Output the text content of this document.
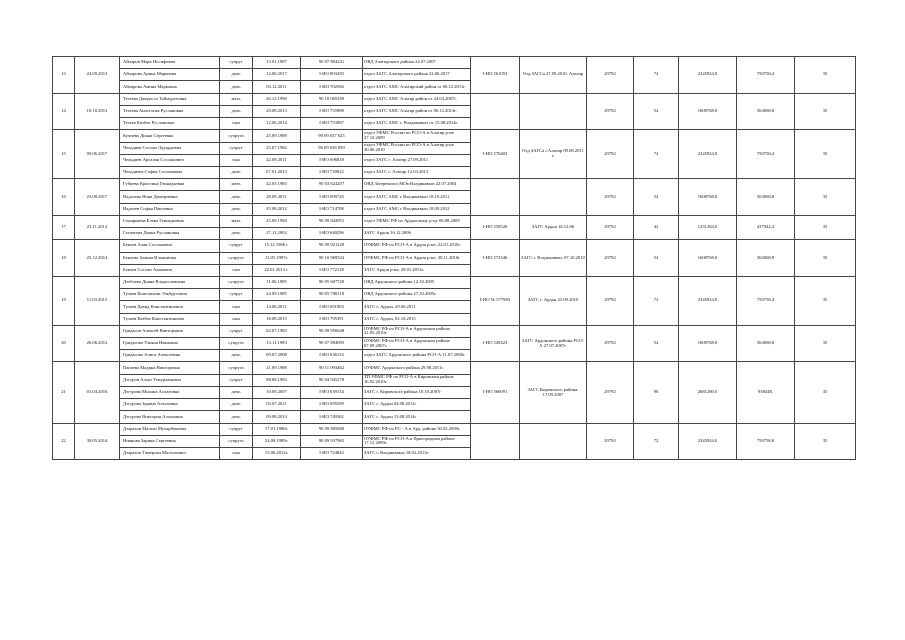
13	24.09.2013	Айларов Марк Иосифович	супруг	13.01.1987	90 07 804241	ОВД Алагирского района 24.07.2007	I-ИО 561053	Отд.ЗАГСа 27.09.2010. Алагир	29792	72	2345924,0	750758,4	35
		Айларова Арина Марковна	дочь	12.06.2017	I-ИО 803450	отдел ЗАГС Алагирского района 22.06.2017							
		Айларова Амина Марковна	дочь	03.12.2011	I-ИО 702566	отдел ЗАГС АМС Алагирский район от 06.12.2011г.							
14	10.10.2013	Тегаева Джерасса Таймуразовна	мать	26.12.1990	90 10 069169	отдел ЗАГС АМС Алагир район от 24.04.2007г.			29792	54	1608768,0	563068,8	35
		Тегаева Анастасия Руслановна	дочь	20.08.2013	I-ИО 755988	отдел ЗАГС АМС Алагир район от 06.12.2013г.							
		Тегаев Казбек Русланович	сын	12.06.2014	I-ИО 753967	отдел ЗАГС АМС г. Владикавказ от 15.08.2014г.							
15	09.06.2017	Кучиева Диана Сергеевна	супруга	25.09.1989	90 09 037 625	отдел УФМС России по РСО-А в Алагир р-не 27.10.2009	I-ИО 576402	Отд.ЗАГСа г.Алагир 09.08.2011 г.	29792	72	2345924,0	750758,4	35
		Чельдиев Сослан Эдуардович	супруг	25.07.1982	90 09 038 859	отдел УФМС России по РСО-А в Алагир р-не 30.06.2010							
		Чельдиев Арсалан Сосланович	сын	22.09.2011	I-ИО 696818	отдел ЗАГС г. Алагир 27.09.2011							
		Чельдиева София Сослановна	дочь	07.01.2013	I-ИО 720822	отдел ЗАГС г. Алагир 12.03.2013							
16	23.08.2017	Губиева Кристина Геннадьевна	мать	22.05.1983	90 03 624207	ОВД Затеречного МОв Владикавказ 22.07.2004			29792	54	1608768,0	563068,8	35
		Иадзоева Нона Дмитриевна	дочь	28.09.2011	I-ИО 699720	отдел ЗАГС АМС г Владикавказ 18.10.2011							
		Иадзоев Софья Павловна	дочь	25.08.2012	I-ИО 714708	отдел ЗАГС АМС г Владикавказ 18.09.2012							
17	23.11.2012	Сихаркаева Елена Геннадьевна	мать	25.09.1984	90 09 842851	отдел УФМС РФ по Ардонскому р-ну 06.08.2009	I-ИО 558526	ЗАГС Ардон 16.12.06	29792	42	1251264,0	437942,4	35
		Гагиатова Диана Руслановна	дочь	27.11.2002	I-ИО 640296	ЗАГС Ардон 16.12.2006							
18	25.12.2014	Бекоев Алан Сосланович	супруг	15.12.1986 г.	90 09 921220	ОУФМС РФ по РСО-А в Ардон р-не, 22.01.2010г	I-ИО 572346	ЗАГС г. Владикавказ, 07.10.2010	29792	54	1608768,0	563068,8	35
		Бекоева Залина Ильинична	супруга	11.05.1987г.	90 10 969524	ОУФМС РФ по РСО-А в Ардон р-не, 30.11.2010г							
		Бекоев Сослан Аланович	сын	22.01.2013 г.	I-ИО 772128	ЗАГС Ардон р-на, 29.01.2013г.							
19	11.03.2015	Дзебоева Диана Владиславовна	супруга	11.06.1985	90 05 607720	ОВД Ардонского района 12.10.2005	I-ИО № 577983	ЗАГС г. Ардон 23.09.2010	29792	72	2345924,0	750758,4	35
		Тулаев Константин Эльбрусович	супруг	24.09.1985	90 05 708118	ОВД Ардонского района 27.10.2005г.							
		Тулаев Давид Константинович	сын	14.06.2011	I-ИО 691903	ЗАГС г. Ардон, 29.06.2011							
		Тулаев Казбек Константинович	сын	18.08.2015	I-ИО 795391	ЗАГС г. Ардон, 02.10.2015							
20	26.06.2012	Гридасов Алексей Викторович	супруг	02.07.1983	90 09 956648	ОУФМС РФ по РСО-А в Ардонском районе 21.05.2010г.	I-ИО 549423	ЗАГС Ардонского района РСО-А 27.07.2007г.	29792	54	1608768,0	563068,8	35
		Гридасова Ульяна Ивановна	супруга	13.11.1983	90 07 884095	ОУФМС РФ по РСО-А в Ардонском районе 07.09.2007г.							
		Гридасова Алиса Алексеевна	дочь	09.07.2008	I-ИО 636133	отдел ЗАГС Ардонского района РСО-А 11.07.2008г.							
21	01.04.2016	Папаева Мадина Викторовна	супруга	21.09.1988	90 11 093462	ОУФМС Ардонского района 29.08.2011г.	I-ИО 566091	ЗАГС Кировского района, 17.09.2007	29792	90	2681280,0	938448,	35
		Дзгуров Алхаз Темурланович	супруг	08.08.1983	90 04 945278	ТП УФМС РФ по РСО-А в Кировском районе 16.02.2010г.							
		Дзгурова Милана Алхазовна	дочь	10.09.2007	I-ИО 639134	ЗАГС г. Кировского района 10.10.2007г							
		Дзгурова Зарина Алхазовна	дочь	03.07.2011	I-ИО 695599	ЗАГС г. Ардон 04.08.2011г							
		Дзгурова Виктория Алхазовна	дочь	09.08.2014	I-ИО 749362	ЗАГС г. Ардон 13.08.2014г							
22	30.05.2014	Дзарахов Малхаз Мухарбекович	супруг	17.01.1980г.	90 09 885680	ОУФМС РФ по РС - А в Ард. районе 30.02.2009г.			29792	72	2345924,0	750758,8	35
		Ниянова Зарина Сергеевна	супруга	24.08.1989г.	90 09 937965	ОУФМС РФ по РСО-А в Пригородном районе 17.12.2009г.							
		Дзарахов Тамерлан Малхазович	сын	15.06.2012г.	I-ИО 724843	ЗАГС г. Владикавказ 18.02.2013г.							
